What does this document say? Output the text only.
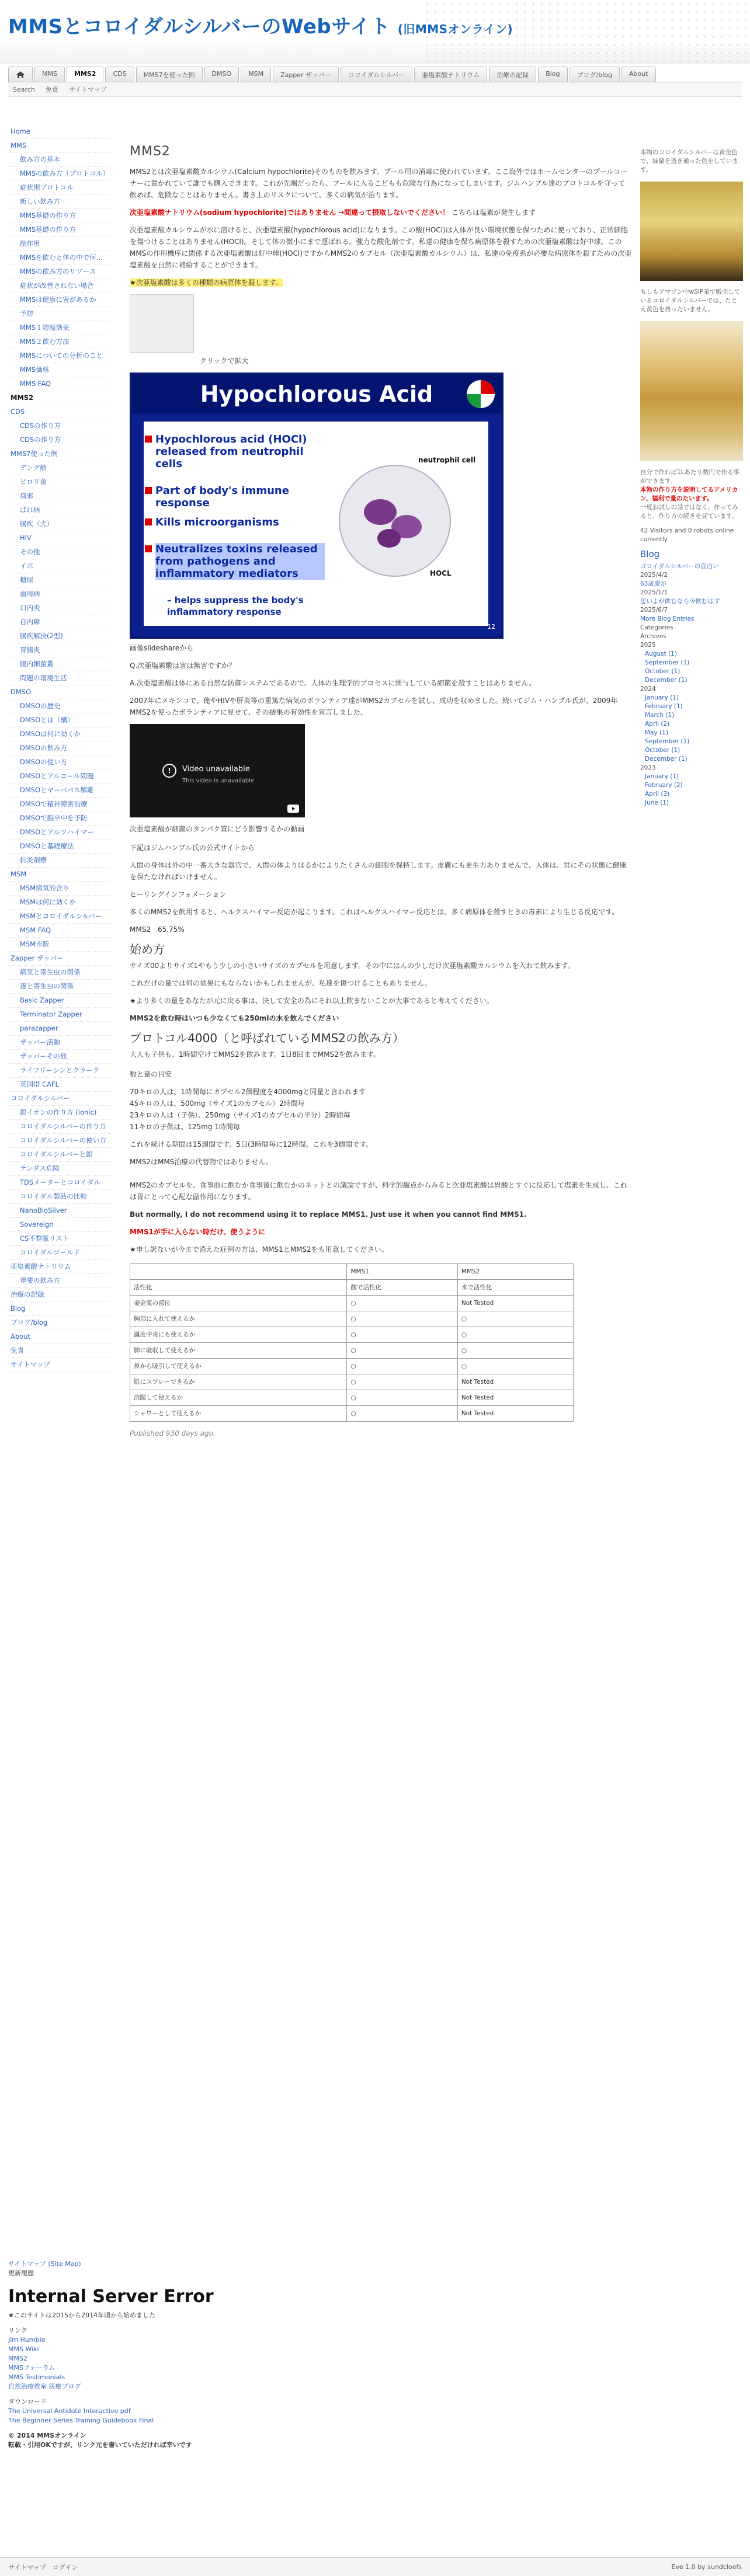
MMSとコロイダルシルバーのWebサイト (旧MMSオンライン)
MMS	MMS2	CDS	MMS7を使った例	DMSO	MSM	Zapper ザッパー	コロイダルシルバー	亜塩素酸ナトリウム	治療の記録	Blog	ブログ/blog	About
Search 免責 サイトマップ
Home
MMS
飲み方の基本
MMSの飲み方（プロトコル）
症状別プロトコル
新しい飲み方
MMS基礎の作り方
MMS基礎の作り方
副作用
MMSを飲むと体の中で何…
MMSの飲み方のリソース
症状が改善されない場合
MMSは健康に害があるか
予防
MMS１防腐効果
MMS２飲む方法
MMSについての分析のこと
MMS価格
MMS FAQ
MMS2
CDS
CDSの作り方
CDSの作り方
MMS7使った例
デング熱
ビロリ菌
風邪
ぱれ病
腸疾（犬）
HIV
その他
イボ
糖尿
歯周病
口内炎
自内障
腸疾解決(2型)
胃腸炎
腸内細菌叢
問題の環境生活
DMSO
DMSOの歴史
DMSOとは（構）
DMSOは何に効くか
DMSOの飲み方
DMSOの使い方
DMSOとアルコール問題
DMSOとヤーパパス解離
DMSOで精神障害治療
DMSOで脳卒中を予防
DMSOとアルツハイマー
DMSOと基礎療法
抗炎剤療
MSM
MSM病気的含り
MSMは何に効くか
MSMとコロイダルシルバー
MSM FAQ
MSM市販
Zapper ザッパー
病気と寄生虫の関係
逐と寄生虫の関係
Basic Zapper
Terminator Zapper
parazapper
ザッパー活動
ザッパーその他
ライフリーシンとクラーク
英国帯 CAFL
コロイダルシルバー
銀イオンの作り方 (ionic)
コロイダルシルバーの作り方
コロイダルシルバーの使い方
コロイダルシルバーと銀
テンダス危険
TDSメーターとコロイダル
コロイダル製品の比較
NanoBioSilver
Sovereign
CS不整脈リスト
コロイダルゴールド
亜塩素酸ナトリウム
重要の飲み方
治療の記録
Blog
ブログ/blog
About
免責
サイトマップ
MMS2

MMS2とは次亜塩素酸カルシウム(Calcium hypochlorite)そのものを飲みます。プール用の消毒に使われています。ここ海外ではホームセンターのプールコーナーに置かれていて誰でも購入できます。これが先端だったら、プールに入るこどもも危険な行為になってしまいます。ジムハンブル達のプロトコルを守って飲めば、危険なことはありません。書き上のリスクについて、多くの病気が治ります。

次亜塩素酸ナトリウム(sodium hypochlorite)ではありません →間違って摂取しないでください！ こちらは塩素が発生します

次亜塩素酸カルシウムが水に溶けると、次亜塩素酸(hypochlorous acid)になります。この酸(HOCl)は人体が良い環境状態を保つために使っており、正常細胞を傷つけることはありません(HOCl)。そして体の微小にまで運ばれる。強力な酸化剤です。私達の健康を保ち病原体を殺すための次亜塩素酸は好中球。このMMSの作用機序に関係する次亜塩素酸は好中球(HOCl)ですからMMS2のカプセル（次亜塩素酸カルシウム）は、私達の免疫系が必要な病原体を殺すための次亜塩素酸を自然に補給することができます。

★次亜塩素酸は多くの種類の病原体を殺します。

クリックで拡大

Hypochlorous Acid
Hypochlorous acid (HOCl) released from neutrophil cells
Part of body's immune response
Kills microorganisms
Neutralizes toxins released from pathogens and inflammatory mediators
– helps suppress the body's inflammatory response
neutrophil cell
HOCL
12

画像slideshareから

Q.次亜塩素酸は害は無害ですか？

A.次亜塩素酸は体にある自然な防御システムであるので、人体の生理学的プロセスに関与している細菌を殺すことはありません。

2007年にメキシコで、俺やHIVや肝炎等の重篤な病気のボランティア達がMMS2カプセルを試し、成功を収めました。続いてジム・ハンブル氏が、2009年MMS2を使ったボランティアに見せて、その結果の有効性を宣言しました。

!	Video unavailable
This video is unavailable

次亜塩素酸が細菌のタンパク質にどう影響するかの動画

下記はジムハンブル氏の公式サイトから

人間の身体は外の中一番大きな器官で、人間の体よりはるかによりたくさんの細胞を保持します。皮膚にも更生力ありませんで、人体は、常にその状態に健康を保たなければいけません。

ヒーリングインフォメーション

多くのMMS2を飲用すると、ヘルクスハイマー反応が起こります。これはヘルクスハイマー反応とは、多く病原体を殺すときの毒素により生じる反応です。

MMS2　65.75%

始め方

サイズ00よりサイズ1やもう少しの小さいサイズのカプセルを用意します。その中にほんの少しだけ次亜塩素酸カルシウムを入れて飲みます。

これだけの量では何の効果にもならないかもしれませんが、私達を傷つけることもありません。

★より多くの量をあなたが元に戻る事は、決して安全の為にそれ以上飲まないことが大事であると考えてください。

MMS2を飲む時はいつも少なくても250mlの水を飲んでください

プロトコル4000（と呼ばれているMMS2の飲み方）

大人も子供も、1時間空けてMMS2を飲みます。1日8回までMMS2を飲みます。

数と量の目安

70キロの人は、1時間毎にカプセル2個程度を4000mgと同量と言われます
45キロの人は、500mg（サイズ1のカプセル）2時間毎
23キロの人は（子供）、250mg（サイズ1のカプセルの半分）2時間毎
11キロの子供は、125mg 1時間毎

これを続ける期間は15週間です。5日(3時間毎に12時間。これを3週間です。

MMS2はMMS治療の代替物ではありません。

MMS2のカプセルを、食事前に飲むか食事後に飲むかのネットとの議論ですが、科学的観点からみると次亜塩素酸は胃酸とすぐに反応して塩素を生成し、これは胃にとって心配な副作用になります。

But normally, I do not recommend using it to replace MMS1. Just use it when you cannot find MMS1.

MMS1が手に入らない時だけ、使うように

★申し訳ないが今まで消えた症例の方は、MMS1とMMS2をも用意してください。

	MMS1	MMS2
活性化	酸で活性化	水で活性化
妻金薬の部位	○	Not Tested
胸部に入れて使えるか	○	○
濃度中毒にも使えるか	○	○
肺に吸収して使えるか	○	○
鼻から吸引して使えるか	○	○
肌にスプレーできるか	○	Not Tested
浣腸して使えるか	○	Not Tested
シャワーとして使えるか	○	Not Tested

Published 930 days ago.

本物のコロイダルシルバーは黄金色で、緑蘭を透き通った色をしています。

もしもアマゾン中wSIP業で販売しているコロイダルシルバーでは、たとえ黄色を持ったいません。

自分で作れば1Lあたり数円で作る事ができます。

本物の作り方を説明してるアメリカン、福利で量のたいます。

一度お試しの話ではなく、作ってみると、作り方の続きを見ています。

42 Visitors and 0 robots online currently

Blog

ゴロイダルシルバーの面白い
2025/4/2

63歳慶が
2025/1/1

思いよが飲むなら今飲むはず
2025/6/7

More Blog Entries

Categories

Archives

2025
August (1)
September (1)
October (1)
December (1)
2024
January (1)
February (1)
March (1)
April (2)
May (1)
September (1)
October (1)
December (1)
2023
January (1)
February (2)
April (3)
June (1)

サイトマップ (Site Map)

更新履歴

Internal Server Error

★このサイトは2015から2014年頃から始めました

リンク

Jim Humble
MMS Wiki
MMS2
MMSフォーラム
MMS Testimonials
自然治療教室 医療ブログ

ダウンロード

The Universal Antidote Interactive pdf

The Beginner Series Training Guidebook Final

© 2014 MMSオンライン

転載・引用OKですが、リンク元を書いていただければ幸いです

サイトマップ　ログイン	Eve 1.0 by sundcloefs
